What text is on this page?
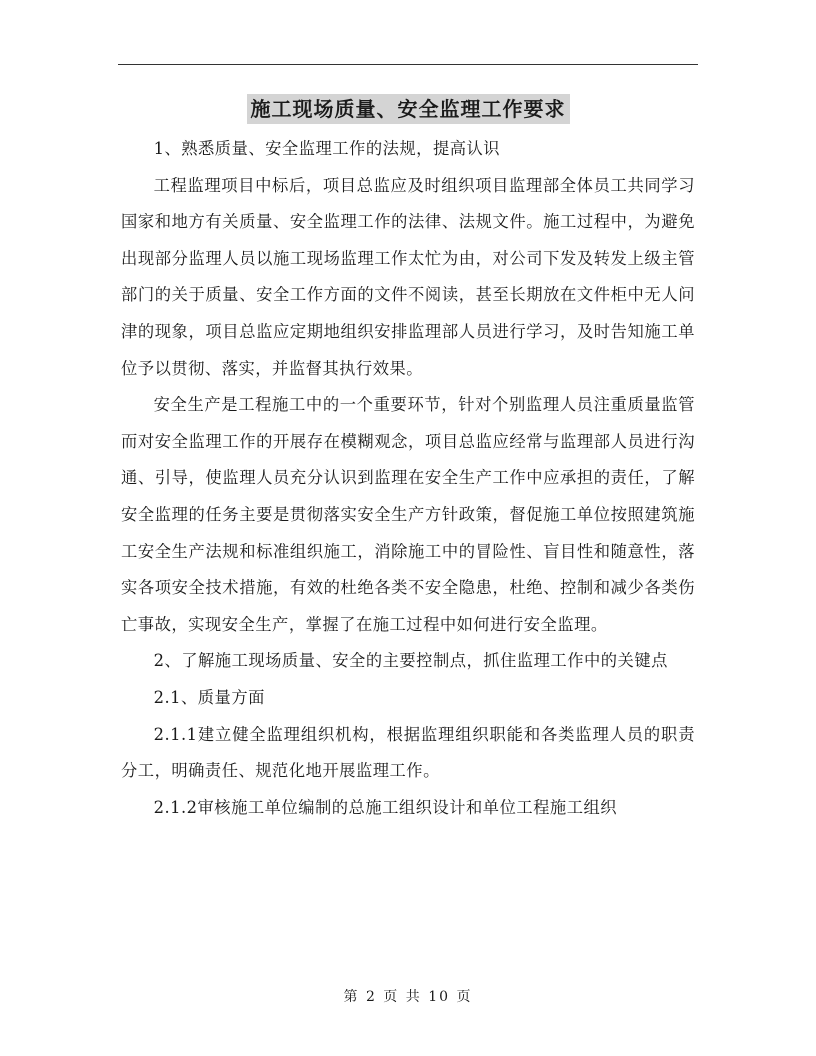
施工现场质量、安全监理工作要求

1、熟悉质量、安全监理工作的法规，提高认识

工程监理项目中标后，项目总监应及时组织项目监理部全体员工共同学习国家和地方有关质量、安全监理工作的法律、法规文件。施工过程中，为避免出现部分监理人员以施工现场监理工作太忙为由，对公司下发及转发上级主管部门的关于质量、安全工作方面的文件不阅读，甚至长期放在文件柜中无人问津的现象，项目总监应定期地组织安排监理部人员进行学习，及时告知施工单位予以贯彻、落实，并监督其执行效果。

安全生产是工程施工中的一个重要环节，针对个别监理人员注重质量监管而对安全监理工作的开展存在模糊观念，项目总监应经常与监理部人员进行沟通、引导，使监理人员充分认识到监理在安全生产工作中应承担的责任，了解安全监理的任务主要是贯彻落实安全生产方针政策，督促施工单位按照建筑施工安全生产法规和标准组织施工，消除施工中的冒险性、盲目性和随意性，落实各项安全技术措施，有效的杜绝各类不安全隐患，杜绝、控制和减少各类伤亡事故，实现安全生产，掌握了在施工过程中如何进行安全监理。

2、了解施工现场质量、安全的主要控制点，抓住监理工作中的关键点

2.1、质量方面

2.1.1建立健全监理组织机构，根据监理组织职能和各类监理人员的职责分工，明确责任、规范化地开展监理工作。

2.1.2审核施工单位编制的总施工组织设计和单位工程施工组织

第 2 页 共 10 页
